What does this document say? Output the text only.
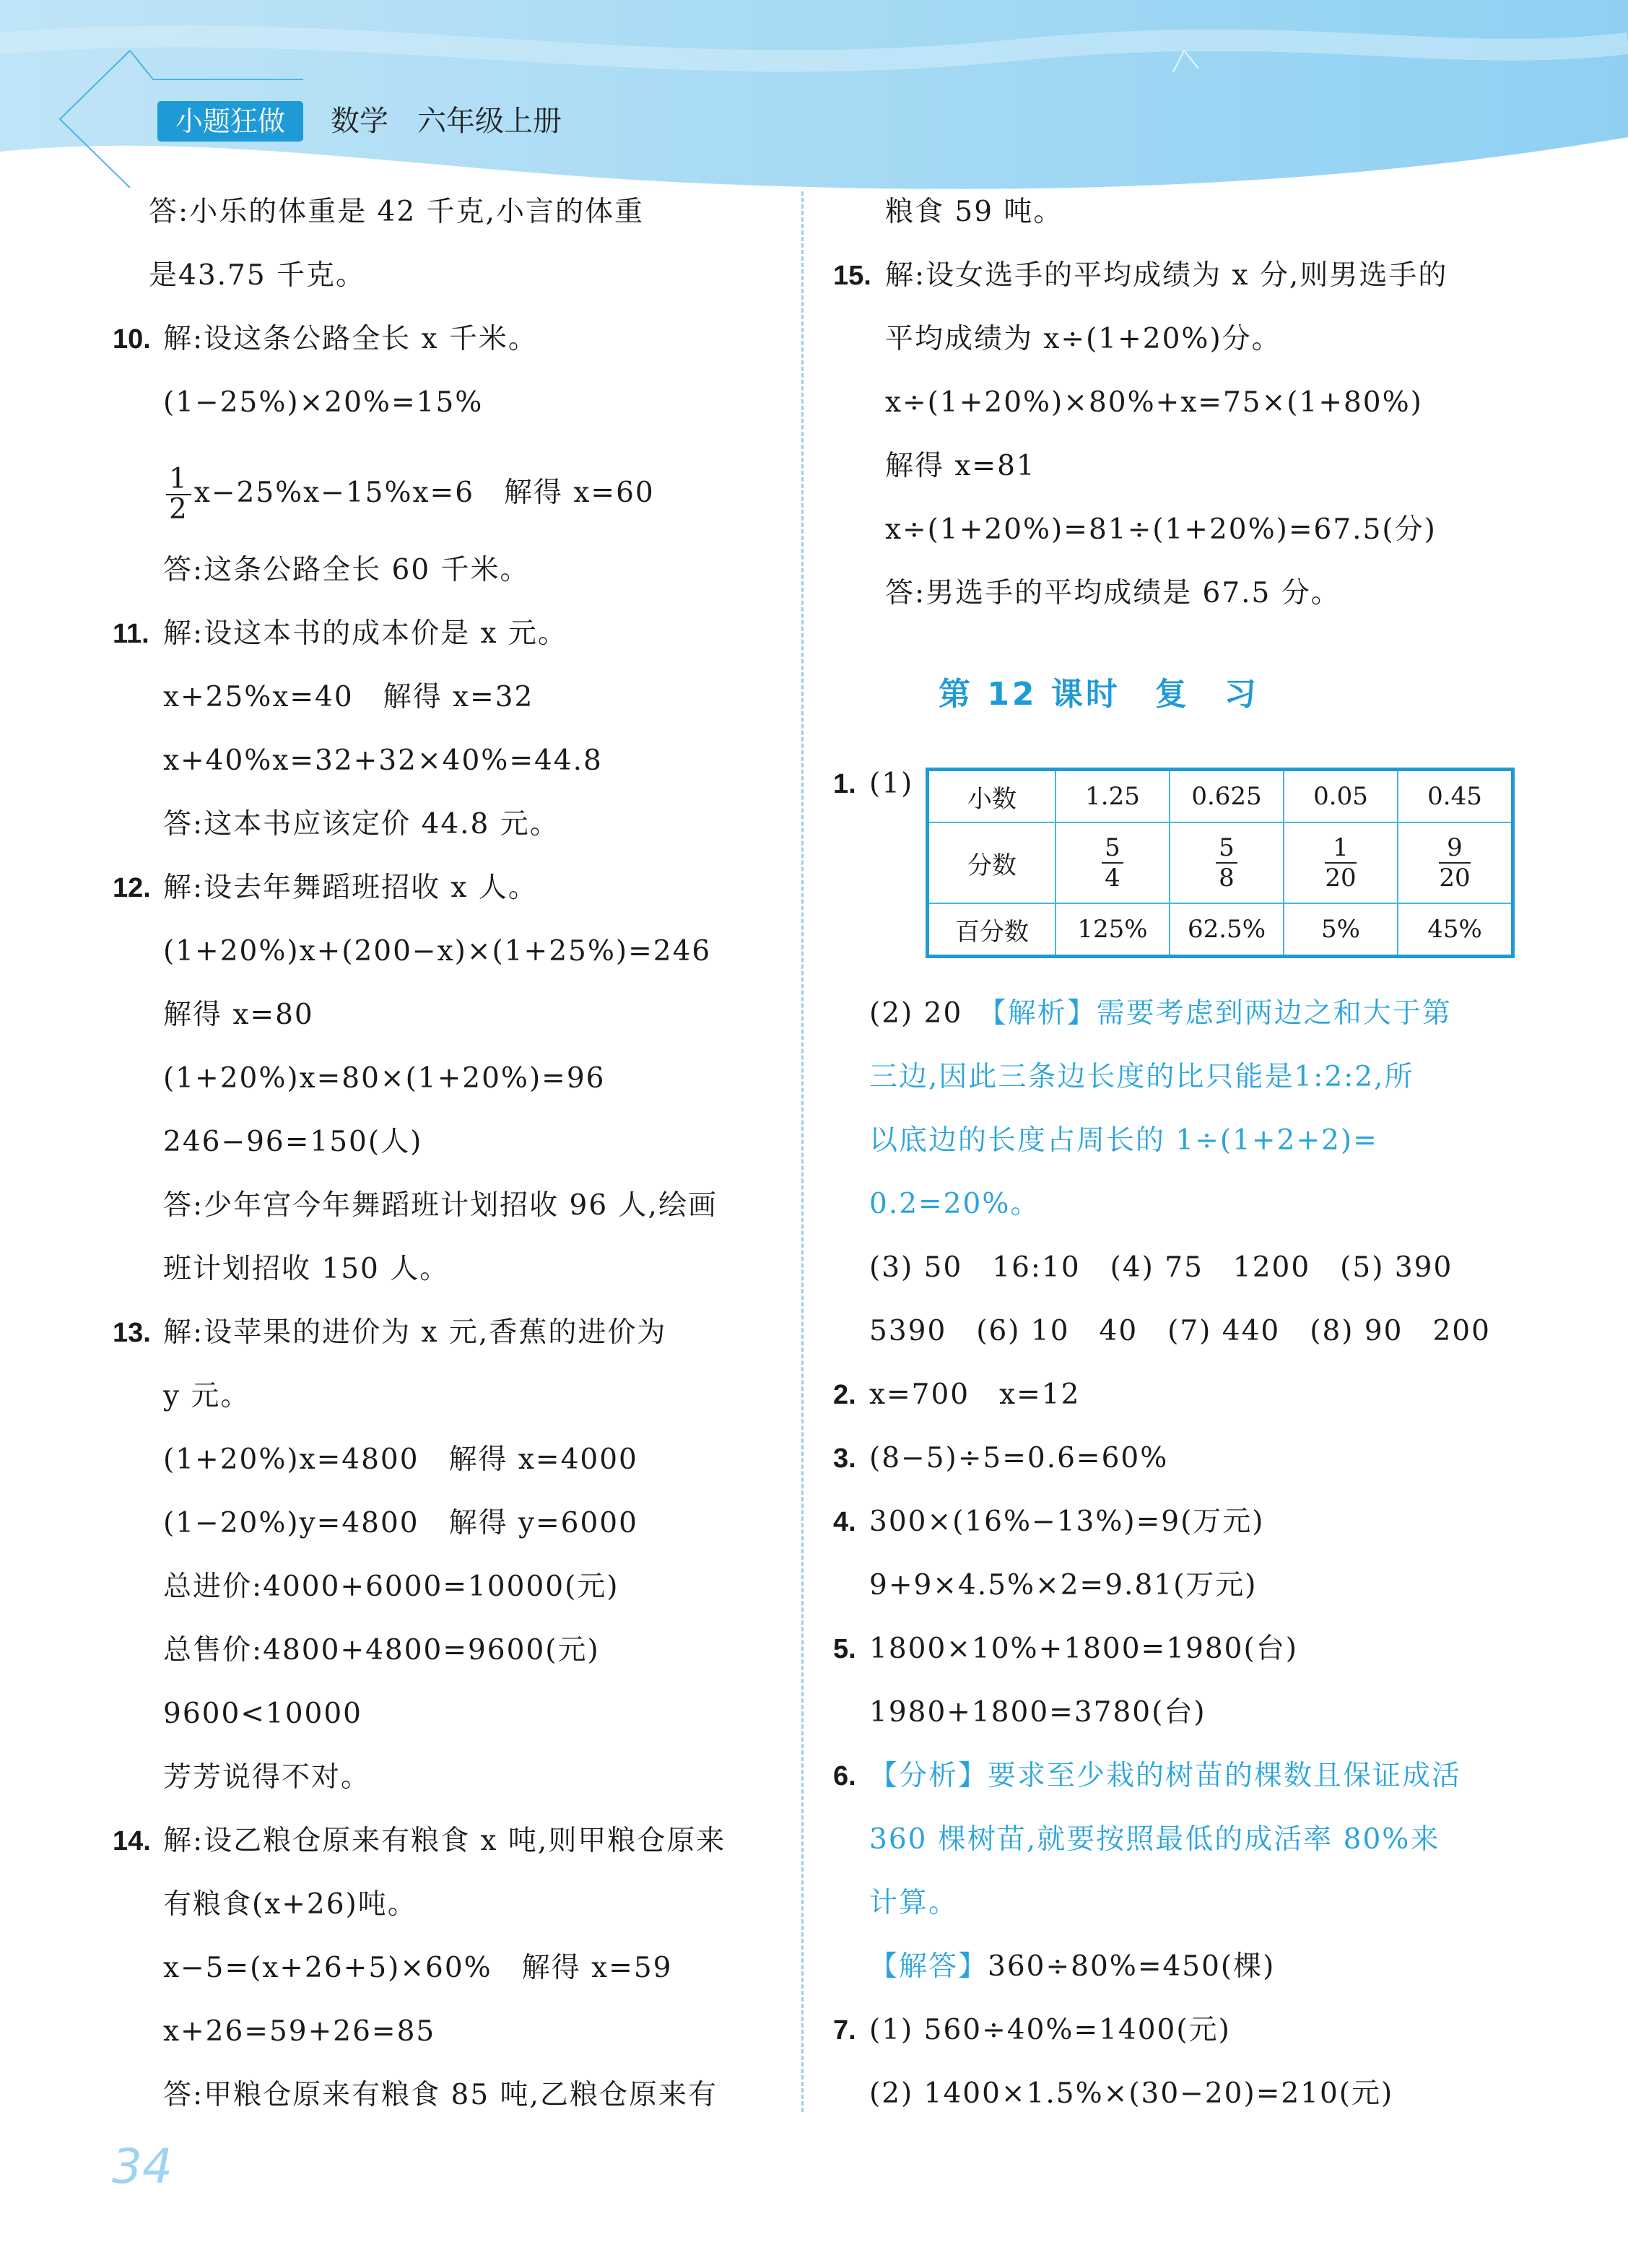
小题狂做	数学　六年级上册
答:小乐的体重是 42 千克,小言的体重
是43.75 千克。
10. 解:设这条公路全长 x 千米。
(1−25%)×20%=15%
$\frac{1}{2} x-25\%x-15\%x=6$　解得 x=60
答:这条公路全长 60 千米。
11. 解:设这本书的成本价是 x 元。
x+25%x=40　解得 x=32
x+40%x=32+32×40%=44.8
答:这本书应该定价 44.8 元。
12. 解:设去年舞蹈班招收 x 人。
(1+20%)x+(200−x)×(1+25%)=246
解得 x=80
(1+20%)x=80×(1+20%)=96
246−96=150(人)
答:少年宫今年舞蹈班计划招收 96 人,绘画
班计划招收 150 人。
13. 解:设苹果的进价为 x 元,香蕉的进价为
y 元。
(1+20%)x=4800　解得 x=4000
(1−20%)y=4800　解得 y=6000
总进价:4000+6000=10000(元)
总售价:4800+4800=9600(元)
9600<10000
芳芳说得不对。
14. 解:设乙粮仓原来有粮食 x 吨,则甲粮仓原来
有粮食(x+26)吨。
x−5=(x+26+5)×60%　解得 x=59
x+26=59+26=85
答:甲粮仓原来有粮食 85 吨,乙粮仓原来有
粮食 59 吨。
15. 解:设女选手的平均成绩为 x 分,则男选手的
平均成绩为 x÷(1+20%)分。
x÷(1+20%)×80%+x=75×(1+80%)
解得 x=81
x÷(1+20%)=81÷(1+20%)=67.5(分)
答:男选手的平均成绩是 67.5 分。
1. (1)
(2) 20　【解析】需要考虑到两边之和大于第
三边,因此三条边长度的比只能是1:2:2,所
以底边的长度占周长的 1÷(1+2+2)=
0.2=20%。
(3) 50　16:10　(4) 75　1200　(5) 390
5390　(6) 10　40　(7) 440　(8) 90　200
2. x=700　x=12
3. (8−5)÷5=0.6=60%
4. 300×(16%−13%)=9(万元)
9+9×4.5%×2=9.81(万元)
5. 1800×10%+1800=1980(台)
1980+1800=3780(台)
6. 【分析】要求至少栽的树苗的棵数且保证成活
360 棵树苗,就要按照最低的成活率 80%来
计算。
【解答】360÷80%=450(棵)
7. (1) 560÷40%=1400(元)
(2) 1400×1.5%×(30−20)=210(元)
第 12 课时　复　习
小数	1.25	0.625	0.05	0.45
分数	$\frac{5}{4}$	$\frac{5}{8}$	$\frac{1}{20}$	$\frac{9}{20}$

百分数	125%	62.5%	5%	45%
34
